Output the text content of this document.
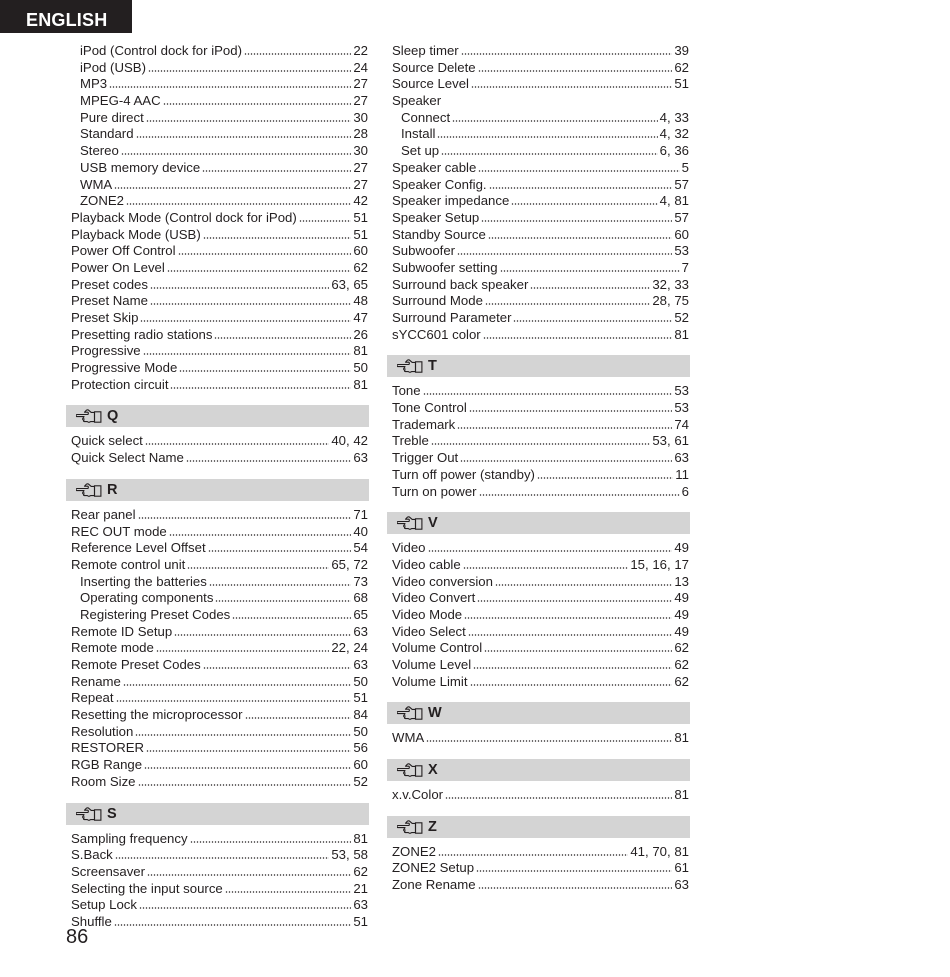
ENGLISH
iPod (Control dock for iPod)	22
iPod (USB)	24
MP3	27
MPEG-4 AAC	27
Pure direct	30
Standard	28
Stereo	30
USB memory device	27
WMA	27
ZONE2	42
Playback Mode (Control dock for iPod)	51
Playback Mode (USB)	51
Power Off Control	60
Power On Level	62
Preset codes	63, 65
Preset Name	48
Preset Skip	47
Presetting radio stations	26
Progressive	81
Progressive Mode	50
Protection circuit	81
Q
Quick select	40, 42
Quick Select Name	63
R
Rear panel	71
REC OUT mode	40
Reference Level Offset	54
Remote control unit	65, 72
Inserting the batteries	73
Operating components	68
Registering Preset Codes	65
Remote ID Setup	63
Remote mode	22, 24
Remote Preset Codes	63
Rename	50
Repeat	51
Resetting the microprocessor	84
Resolution	50
RESTORER	56
RGB Range	60
Room Size	52
S
Sampling frequency	81
S.Back	53, 58
Screensaver	62
Selecting the input source	21
Setup Lock	63
Shuffle	51
Sleep timer	39
Source Delete	62
Source Level	51
Speaker
Connect	4, 33
Install	4, 32
Set up	6, 36
Speaker cable	5
Speaker Config.	57
Speaker impedance	4, 81
Speaker Setup	57
Standby Source	60
Subwoofer	53
Subwoofer setting	7
Surround back speaker	32, 33
Surround Mode	28, 75
Surround Parameter	52
sYCC601 color	81
T
Tone	53
Tone Control	53
Trademark	74
Treble	53, 61
Trigger Out	63
Turn off power (standby)	11
Turn on power	6
V
Video	49
Video cable	15, 16, 17
Video conversion	13
Video Convert	49
Video Mode	49
Video Select	49
Volume Control	62
Volume Level	62
Volume Limit	62
W
WMA	81
X
x.v.Color	81
Z
ZONE2	41, 70, 81
ZONE2 Setup	61
Zone Rename	63
86
